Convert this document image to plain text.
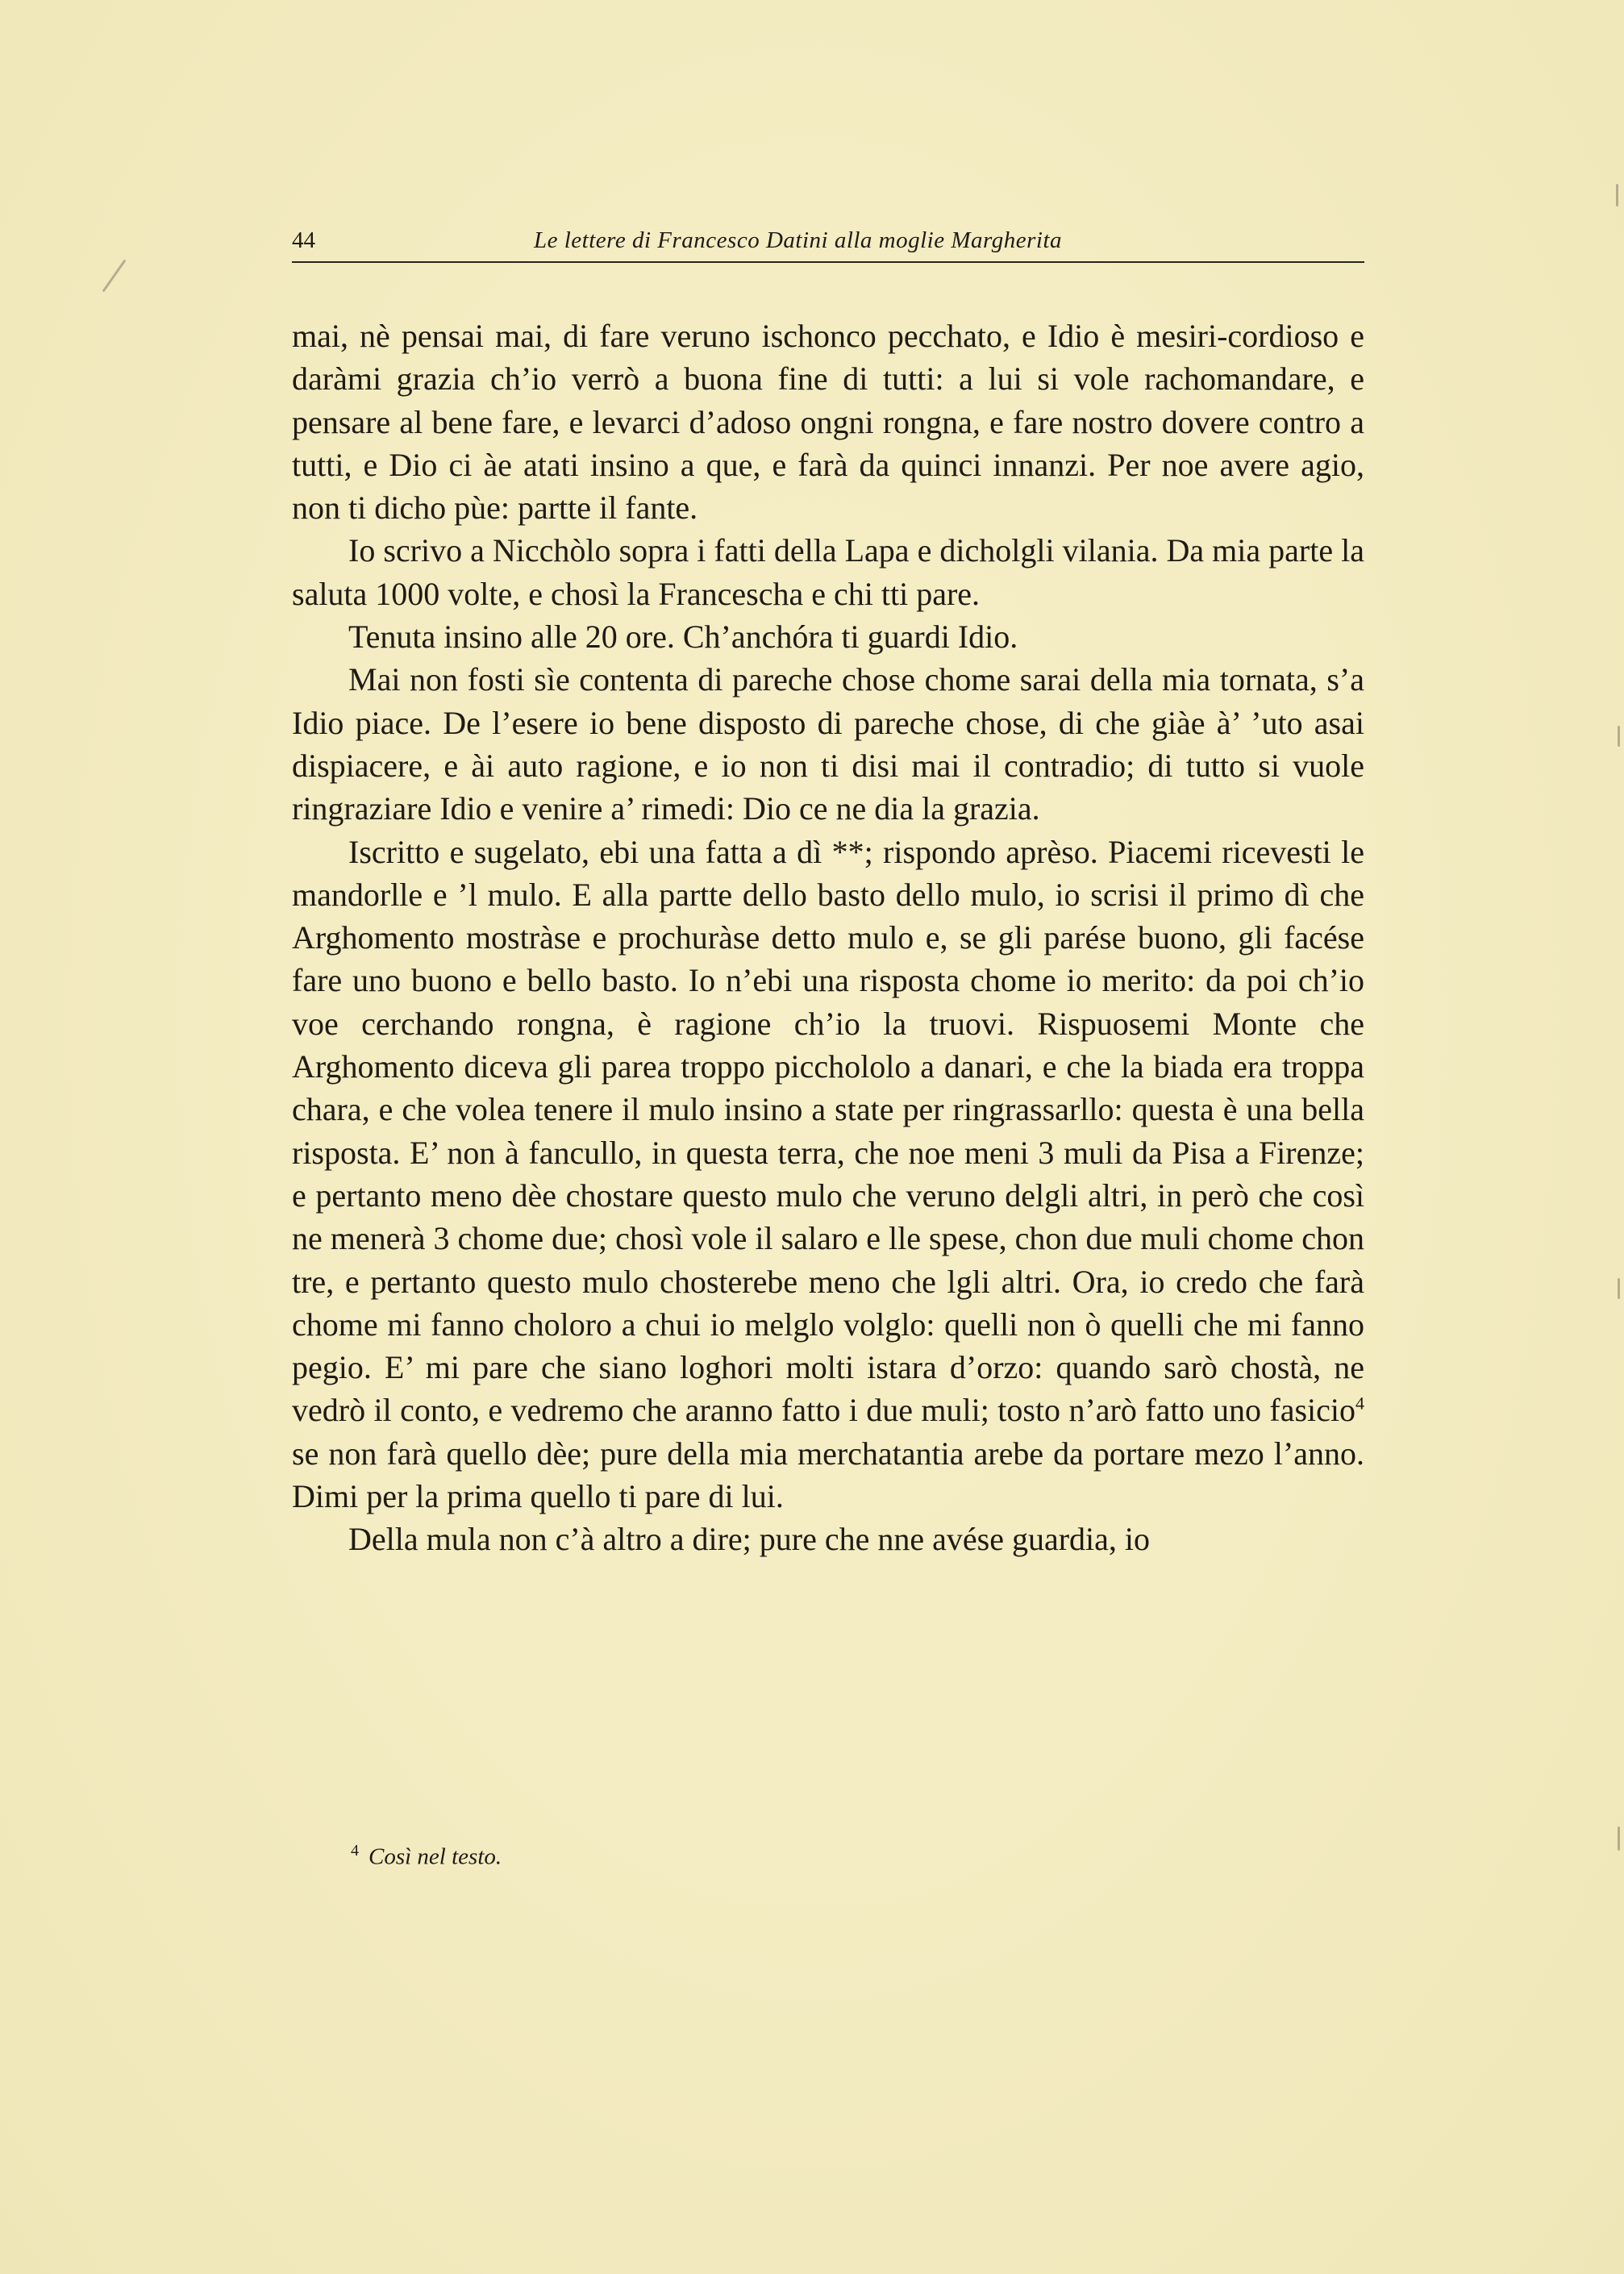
44	Le lettere di Francesco Datini alla moglie Margherita

mai, nè pensai mai, di fare veruno ischonco pecchato, e Idio è mesiri-cordioso e daràmi grazia ch’io verrò a buona fine di tutti: a lui si vole rachomandare, e pensare al bene fare, e levarci d’adoso ongni rongna, e fare nostro dovere contro a tutti, e Dio ci àe atati insino a que, e farà da quinci innanzi. Per noe avere agio, non ti dicho pùe: partte il fante.

Io scrivo a Nicchòlo sopra i fatti della Lapa e dicholgli vilania. Da mia parte la saluta 1000 volte, e chosì la Francescha e chi tti pare.

Tenuta insino alle 20 ore. Ch’anchóra ti guardi Idio.

Mai non fosti sìe contenta di pareche chose chome sarai della mia tornata, s’a Idio piace. De l’esere io bene disposto di pareche chose, di che giàe à’ ’uto asai dispiacere, e ài auto ragione, e io non ti disi mai il contradio; di tutto si vuole ringraziare Idio e venire a’ rimedi: Dio ce ne dia la grazia.

Iscritto e sugelato, ebi una fatta a dì **; rispondo aprèso. Piacemi ricevesti le mandorlle e ’l mulo. E alla partte dello basto dello mulo, io scrisi il primo dì che Arghomento mostràse e prochuràse detto mulo e, se gli parése buono, gli facése fare uno buono e bello basto. Io n’ebi una risposta chome io merito: da poi ch’io voe cerchando rongna, è ragione ch’io la truovi. Rispuosemi Monte che Arghomento diceva gli parea troppo picchololo a danari, e che la biada era troppa chara, e che volea tenere il mulo insino a state per ringrassarllo: questa è una bella risposta. E’ non à fancullo, in questa terra, che noe meni 3 muli da Pisa a Firenze; e pertanto meno dèe chostare questo mulo che veruno delgli altri, in però che così ne menerà 3 chome due; chosì vole il salaro e lle spese, chon due muli chome chon tre, e pertanto questo mulo chosterebe meno che lgli altri. Ora, io credo che farà chome mi fanno choloro a chui io melglo volglo: quelli non ò quelli che mi fanno pegio. E’ mi pare che siano loghori molti istara d’orzo: quando sarò chostà, ne vedrò il conto, e vedremo che aranno fatto i due muli; tosto n’arò fatto uno fasicio$^4$ se non farà quello dèe; pure della mia merchatantia arebe da portare mezo l’anno. Dimi per la prima quello ti pare di lui.

Della mula non c’à altro a dire; pure che nne avése guardia, io

$^4$ Così nel testo.
